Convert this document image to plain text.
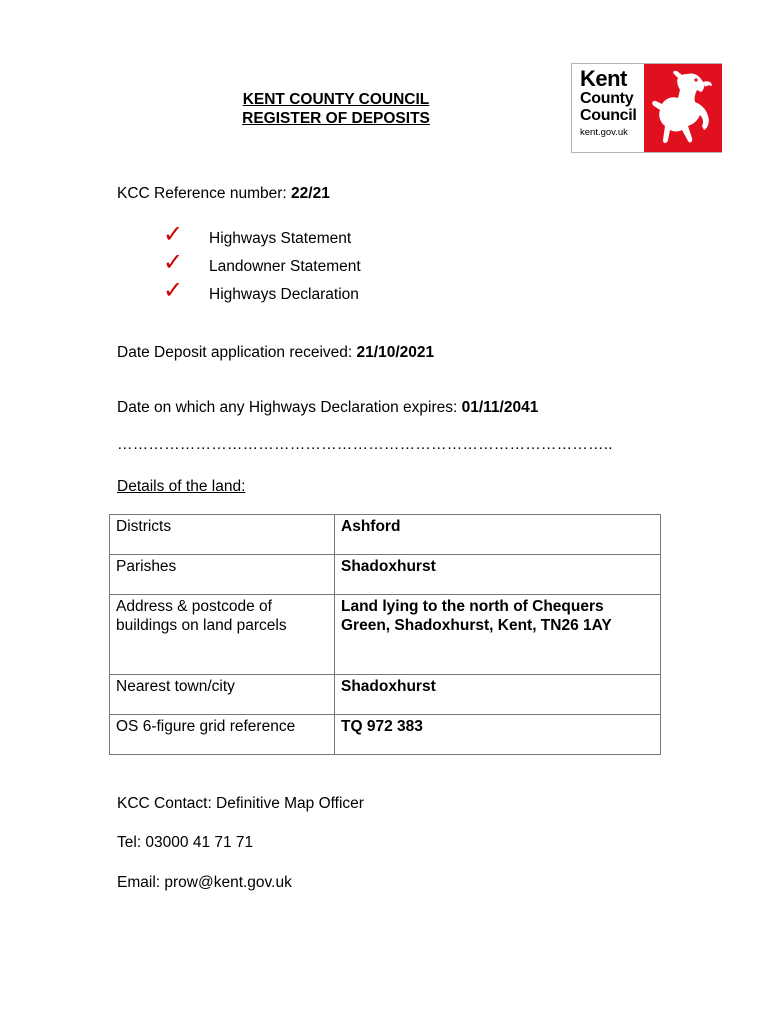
KENT COUNTY COUNCIL
REGISTER OF DEPOSITS
Kent
County
Council
kent.gov.uk
KCC Reference number: 22/21
✓ Highways Statement
✓ Landowner Statement
✓ Highways Declaration
Date Deposit application received: 21/10/2021
Date on which any Highways Declaration expires: 01/11/2041
…………………………………………………………………………………..
Details of the land:
Districts	Ashford
Parishes	Shadoxhurst
Address & postcode of buildings on land parcels	Land lying to the north of Chequers Green, Shadoxhurst, Kent, TN26 1AY
Nearest town/city	Shadoxhurst
OS 6-figure grid reference	TQ 972 383
KCC Contact: Definitive Map Officer
Tel: 03000 41 71 71
Email: prow@kent.gov.uk
